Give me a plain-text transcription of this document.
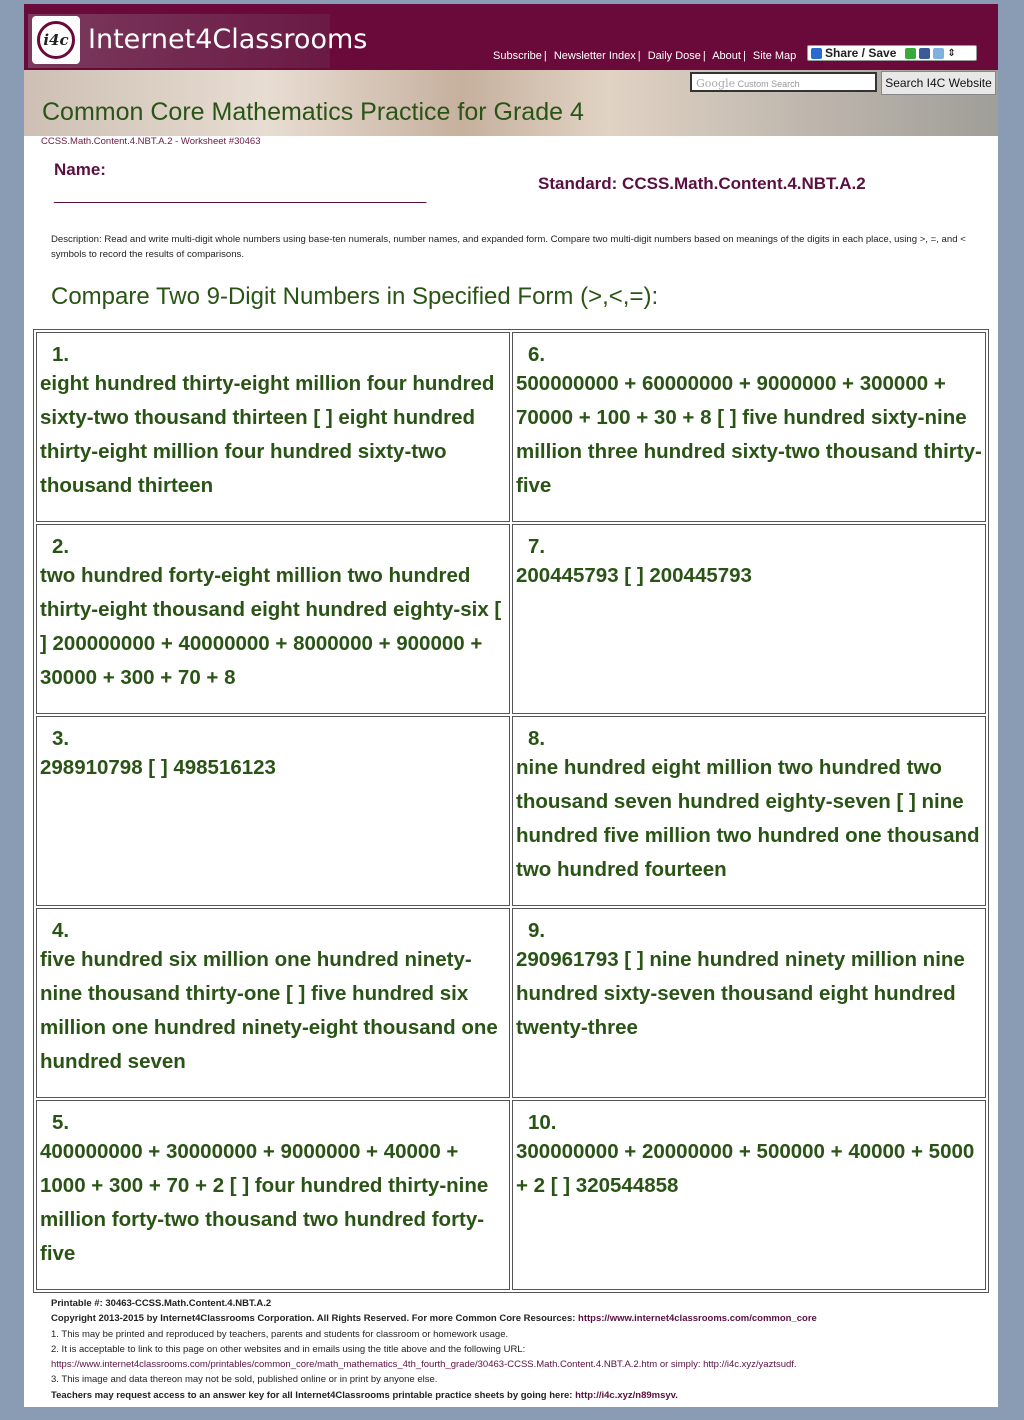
i4c Internet4Classrooms
Subscribe | Newsletter Index | Daily Dose | About | Site Map Share / Save	⇕
Common Core Mathematics Practice for Grade 4
Google Custom Search	Search I4C Website
CCSS.Math.Content.4.NBT.A.2 - Worksheet #30463
Name:
_______________________________________________
Standard: CCSS.Math.Content.4.NBT.A.2
Description: Read and write multi-digit whole numbers using base-ten numerals, number names, and expanded form. Compare two multi-digit numbers based on meanings of the digits in each place, using >, =, and < symbols to record the results of comparisons.
Compare Two 9-Digit Numbers in Specified Form (>,<,=):
1.
eight hundred thirty-eight million four hundred sixty-two thousand thirteen [ ] eight hundred thirty-eight million four hundred sixty-two thousand thirteen
6.
500000000 + 60000000 + 9000000 + 300000 + 70000 + 100 + 30 + 8 [ ] five hundred sixty-nine million three hundred sixty-two thousand thirty-five
2.
two hundred forty-eight million two hundred thirty-eight thousand eight hundred eighty-six [ ] 200000000 + 40000000 + 8000000 + 900000 + 30000 + 300 + 70 + 8
7.
200445793 [ ] 200445793
3.
298910798 [ ] 498516123
8.
nine hundred eight million two hundred two thousand seven hundred eighty-seven [ ] nine hundred five million two hundred one thousand two hundred fourteen
4.
five hundred six million one hundred ninety-nine thousand thirty-one [ ] five hundred six million one hundred ninety-eight thousand one hundred seven
9.
290961793 [ ] nine hundred ninety million nine hundred sixty-seven thousand eight hundred twenty-three
5.
400000000 + 30000000 + 9000000 + 40000 + 1000 + 300 + 70 + 2 [ ] four hundred thirty-nine million forty-two thousand two hundred forty-five
10.
300000000 + 20000000 + 500000 + 40000 + 5000 + 2 [ ] 320544858
Printable #: 30463-CCSS.Math.Content.4.NBT.A.2
Copyright 2013-2015 by Internet4Classrooms Corporation. All Rights Reserved. For more Common Core Resources: https://www.internet4classrooms.com/common_core
1. This may be printed and reproduced by teachers, parents and students for classroom or homework usage.
2. It is acceptable to link to this page on other websites and in emails using the title above and the following URL:
https://www.internet4classrooms.com/printables/common_core/math_mathematics_4th_fourth_grade/30463-CCSS.Math.Content.4.NBT.A.2.htm or simply: http://i4c.xyz/yaztsudf.
3. This image and data thereon may not be sold, published online or in print by anyone else.
Teachers may request access to an answer key for all Internet4Classrooms printable practice sheets by going here: http://i4c.xyz/n89msyv.
